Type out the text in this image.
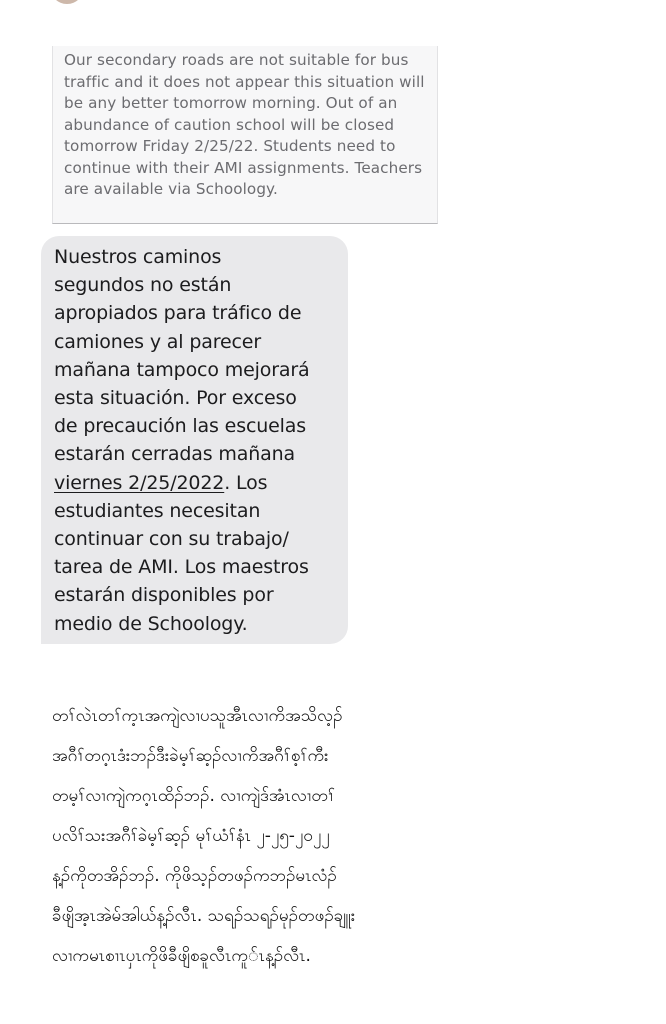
Our secondary roads are not suitable for bus traffic and it does not appear this situation will be any better tomorrow morning. Out of an abundance of caution school will be closed tomorrow Friday 2/25/22. Students need to continue with their AMI assignments. Teachers are available via Schoology.

Nuestros caminos
segundos no están
apropiados para tráfico de
camiones y al parecer
mañana tampoco mejorará
esta situación. Por exceso
de precaución las escuelas
estarán cerradas mañana
viernes 2/25/2022. Los
estudiantes necesitan
continuar con su trabajo/
tarea de AMI. Los maestros
estarán disponibles por
medio de Schoology.
တၢ်လဲၤတၢ်က့ၤအကျဲလၢပသူအီၤလၢကိအသိလ့ၣ်
အဂီၢ်တဂ့ၤဒံးဘၣ်ဒီးခဲမ့ၢ်ဆ့ၣ်လၢကိအဂီၢ်စ့ၢ်ကီး
တမ့ၢ်လၢကျဲကဂ့ၤထိၣ်ဘၣ်. လၢကျဲဒ်အံၤလၢတၢ်
ပလိၢ်သးအဂီၢ်ခဲမ့ၢ်ဆ့ၣ် မုၢ်ယံၢ်နံၤ ၂-၂၅-၂၀၂၂
န့ၣ်ကိုတအိၣ်ဘၣ်. ကိုဖိသ့ၣ်တဖၣ်ကဘၣ်မၤလံၣ်
ခီဖျိအ့ၤအဲမ်အါယ်န့ၣ်လီၤ. သရၣ်သရၣ်မုၣ်တဖၣ်ချူး
လၢကမၤစၢၤပှၤကိုဖိခီဖျိစခူလီၤကူ်ၤန့ၣ်လီၤ.
